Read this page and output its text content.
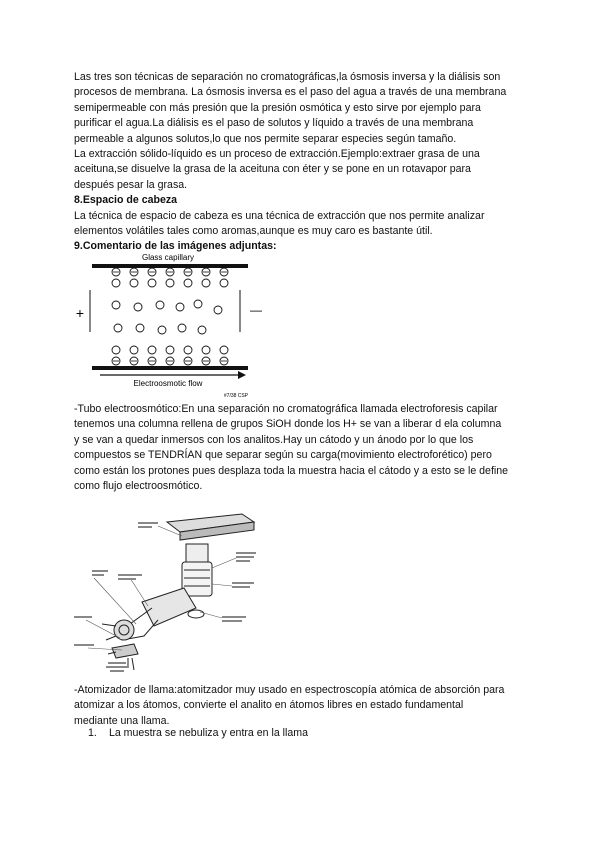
Las tres son técnicas de separación no cromatográficas,la ósmosis inversa y la diálisis son
procesos de membrana. La ósmosis inversa es el paso del agua a través de una membrana
semipermeable con más presión que la presión osmótica y esto sirve por ejemplo para
purificar el agua.La diálisis es el paso de solutos y líquido a través de una membrana
permeable a algunos solutos,lo que nos permite separar especies según tamaño.
La extracción sólido-líquido es un proceso de extracción.Ejemplo:extraer grasa de una
aceituna,se disuelve la grasa de la aceituna con éter y se pone en un rotavapor para
después pesar la grasa.
8.Espacio de cabeza
La técnica de espacio de cabeza es una técnica de extracción que nos permite analizar
elementos volátiles tales como aromas,aunque es muy caro es bastante útil.
9.Comentario de las imágenes adjuntas:
Glass capillary
+	—
Electroosmotic flow
#7/38 CSP
-Tubo electroosmótico:En una separación no cromatográfica llamada electroforesis capilar
tenemos una columna rellena de grupos SiOH donde los H+ se van a liberar d ela columna
y se van a quedar inmersos con los analitos.Hay un cátodo y un ánodo por lo que los
compuestos se TENDRÍAN que separar según su carga(movimiento electroforético) pero
como están los protones pues desplaza toda la muestra hacia el cátodo y a esto se le define
como flujo electroosmótico.
-Atomizador de llama:atomitzador muy usado en espectroscopía atómica de absorción para
atomizar a los átomos, convierte el analito en átomos libres en estado fundamental
mediante una llama.
1. La muestra se nebuliza y entra en la llama
